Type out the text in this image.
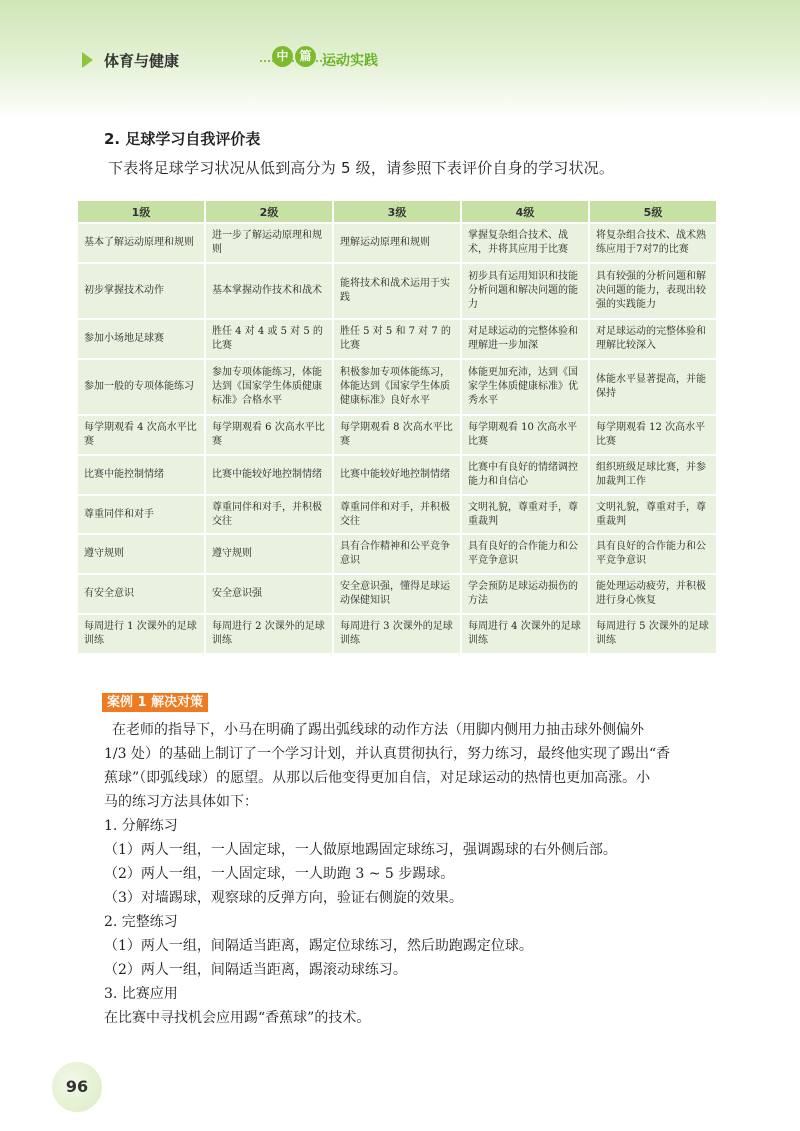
体育与健康	中 篇 运动实践
2. 足球学习自我评价表
下表将足球学习状况从低到高分为 5 级，请参照下表评价自身的学习状况。
1级	2级	3级	4级	5级
基本了解运动原理和规则	进一步了解运动原理和规则	理解运动原理和规则	掌握复杂组合技术、战术，并将其应用于比赛	将复杂组合技术、战术熟练应用于7对7的比赛
初步掌握技术动作	基本掌握动作技术和战术	能将技术和战术运用于实践	初步具有运用知识和技能分析问题和解决问题的能力	具有较强的分析问题和解决问题的能力，表现出较强的实践能力
参加小场地足球赛	胜任 4 对 4 或 5 对 5 的比赛	胜任 5 对 5 和 7 对 7 的比赛	对足球运动的完整体验和理解进一步加深	对足球运动的完整体验和理解比较深入
参加一般的专项体能练习	参加专项体能练习，体能达到《国家学生体质健康标准》合格水平	积极参加专项体能练习，体能达到《国家学生体质健康标准》良好水平	体能更加充沛，达到《国家学生体质健康标准》优秀水平	体能水平显著提高，并能保持
每学期观看 4 次高水平比赛	每学期观看 6 次高水平比赛	每学期观看 8 次高水平比赛	每学期观看 10 次高水平比赛	每学期观看 12 次高水平比赛
比赛中能控制情绪	比赛中能较好地控制情绪	比赛中能较好地控制情绪	比赛中有良好的情绪调控能力和自信心	组织班级足球比赛，并参加裁判工作
尊重同伴和对手	尊重同伴和对手，并积极交往	尊重同伴和对手，并积极交往	文明礼貌，尊重对手，尊重裁判	文明礼貌，尊重对手，尊重裁判
遵守规则	遵守规则	具有合作精神和公平竞争意识	具有良好的合作能力和公平竞争意识	具有良好的合作能力和公平竞争意识
有安全意识	安全意识强	安全意识强，懂得足球运动保健知识	学会预防足球运动损伤的方法	能处理运动疲劳，并积极进行身心恢复
每周进行 1 次课外的足球训练	每周进行 2 次课外的足球训练	每周进行 3 次课外的足球训练	每周进行 4 次课外的足球训练	每周进行 5 次课外的足球训练
案例 1 解决对策

在老师的指导下，小马在明确了踢出弧线球的动作方法（用脚内侧用力抽击球外侧偏外

1/3 处）的基础上制订了一个学习计划，并认真贯彻执行，努力练习，最终他实现了踢出“香

蕉球”（即弧线球）的愿望。从那以后他变得更加自信，对足球运动的热情也更加高涨。小

马的练习方法具体如下：

1. 分解练习

（1）两人一组，一人固定球，一人做原地踢固定球练习，强调踢球的右外侧后部。

（2）两人一组，一人固定球，一人助跑 3 ~ 5 步踢球。

（3）对墙踢球，观察球的反弹方向，验证右侧旋的效果。

2. 完整练习

（1）两人一组，间隔适当距离，踢定位球练习，然后助跑踢定位球。

（2）两人一组，间隔适当距离，踢滚动球练习。

3. 比赛应用

在比赛中寻找机会应用踢“香蕉球”的技术。

96
